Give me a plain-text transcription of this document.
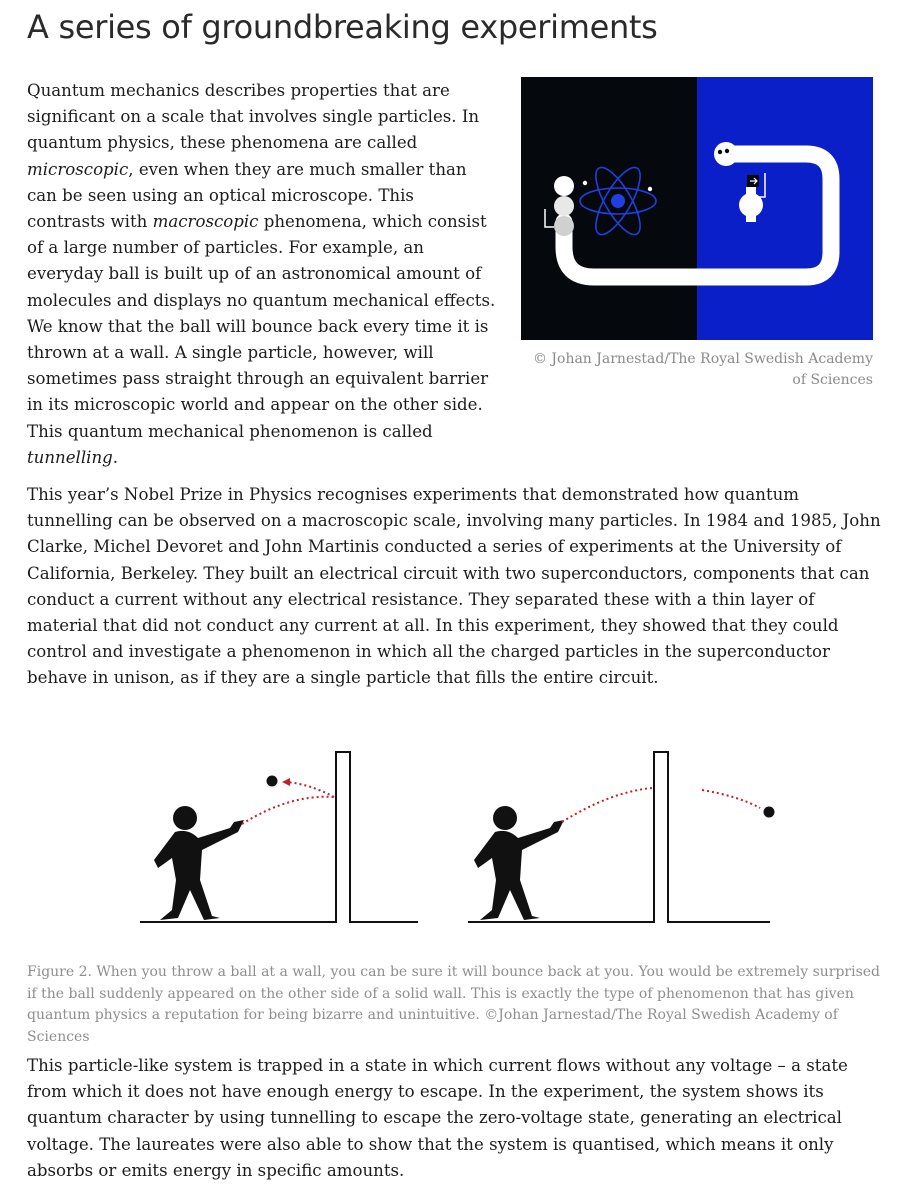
A series of groundbreaking experiments

Quantum mechanics describes properties that are significant on a scale that involves single particles. In quantum physics, these phenomena are called microscopic, even when they are much smaller than can be seen using an optical microscope. This contrasts with macroscopic phenomena, which consist of a large number of particles. For example, an everyday ball is built up of an astronomical amount of molecules and displays no quantum mechanical effects. We know that the ball will bounce back every time it is thrown at a wall. A single particle, however, will sometimes pass straight through an equivalent barrier in its microscopic world and appear on the other side. This quantum mechanical phenomenon is called tunnelling.

© Johan Jarnestad/The Royal Swedish Academy of Sciences

This year’s Nobel Prize in Physics recognises experiments that demonstrated how quantum tunnelling can be observed on a macroscopic scale, involving many particles. In 1984 and 1985, John Clarke, Michel Devoret and John Martinis conducted a series of experiments at the University of California, Berkeley. They built an electrical circuit with two superconductors, components that can conduct a current without any electrical resistance. They separated these with a thin layer of material that did not conduct any current at all. In this experiment, they showed that they could control and investigate a phenomenon in which all the charged particles in the superconductor behave in unison, as if they are a single particle that fills the entire circuit.

Figure 2. When you throw a ball at a wall, you can be sure it will bounce back at you. You would be extremely surprised if the ball suddenly appeared on the other side of a solid wall. This is exactly the type of phenomenon that has given quantum physics a reputation for being bizarre and unintuitive. ©Johan Jarnestad/The Royal Swedish Academy of Sciences

This particle-like system is trapped in a state in which current flows without any voltage – a state from which it does not have enough energy to escape. In the experiment, the system shows its quantum character by using tunnelling to escape the zero-voltage state, generating an electrical voltage. The laureates were also able to show that the system is quantised, which means it only absorbs or emits energy in specific amounts.
